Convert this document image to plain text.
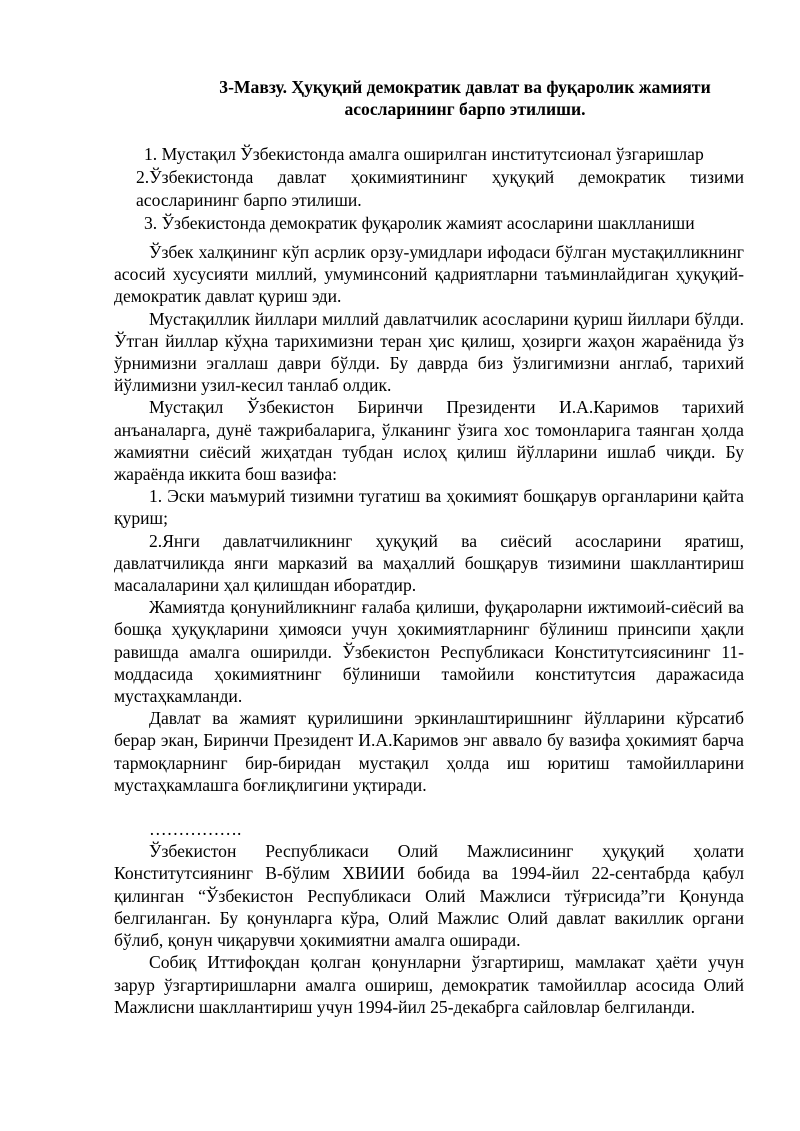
3-Мавзу. Ҳуқуқий демократик давлат ва фуқаролик жамияти
асосларининг барпо этилиши.

1. Мустақил Ўзбекистонда амалга оширилган институтсионал ўзгаришлар

2.Ўзбекистонда давлат ҳокимиятининг ҳуқуқий демократик тизими асосларининг барпо этилиши.

3. Ўзбекистонда демократик фуқаролик жамият асосларини шаклланиши

Ўзбек халқининг кўп асрлик орзу-умидлари ифодаси бўлган мустақилликнинг асосий хусусияти миллий, умуминсоний қадриятларни таъминлайдиган ҳуқуқий-демократик давлат қуриш эди.

Мустақиллик йиллари миллий давлатчилик асосларини қуриш йиллари бўлди. Ўтган йиллар кўҳна тарихимизни теран ҳис қилиш, ҳозирги жаҳон жараёнида ўз ўрнимизни эгаллаш даври бўлди. Бу даврда биз ўзлигимизни англаб, тарихий йўлимизни узил-кесил танлаб олдик.

Мустақил Ўзбекистон Биринчи Президенти И.А.Каримов тарихий анъаналарга, дунё тажрибаларига, ўлканинг ўзига хос томонларига таянган ҳолда жамиятни сиёсий жиҳатдан тубдан ислоҳ қилиш йўлларини ишлаб чиқди. Бу жараёнда иккита бош вазифа:

1. Эски маъмурий тизимни тугатиш ва ҳокимият бошқарув органларини қайта қуриш;

2.Янги давлатчиликнинг ҳуқуқий ва сиёсий асосларини яратиш, давлатчиликда янги марказий ва маҳаллий бошқарув тизимини шакллантириш масалаларини ҳал қилишдан иборатдир.

Жамиятда қонунийликнинг ғалаба қилиши, фуқароларни ижтимоий-сиёсий ва бошқа ҳуқуқларини ҳимояси учун ҳокимиятларнинг бўлиниш принсипи ҳақли равишда амалга оширилди. Ўзбекистон Республикаси Конститутсиясининг 11-моддасида ҳокимиятнинг бўлиниши тамойили конститутсия даражасида мустаҳкамланди.

Давлат ва жамият қурилишини эркинлаштиришнинг йўлларини кўрсатиб берар экан, Биринчи Президент И.А.Каримов энг аввало бу вазифа ҳокимият барча тармоқларнинг бир-биридан мустақил ҳолда иш юритиш тамойилларини мустаҳкамлашга боғлиқлигини уқтиради.

…………….

Ўзбекистон Республикаси Олий Мажлисининг ҳуқуқий ҳолати Конститутсиянинг В-бўлим ХВИИИ бобида ва 1994-йил 22-сентабрда қабул қилинган “Ўзбекистон Республикаси Олий Мажлиси тўғрисида”ги Қонунда белгиланган. Бу қонунларга кўра, Олий Мажлис Олий давлат вакиллик органи бўлиб, қонун чиқарувчи ҳокимиятни амалга оширади.

Собиқ Иттифоқдан қолган қонунларни ўзгартириш, мамлакат ҳаёти учун зарур ўзгартиришларни амалга ошириш, демократик тамойиллар асосида Олий Мажлисни шакллантириш учун 1994-йил 25-декабрга сайловлар белгиланди.
